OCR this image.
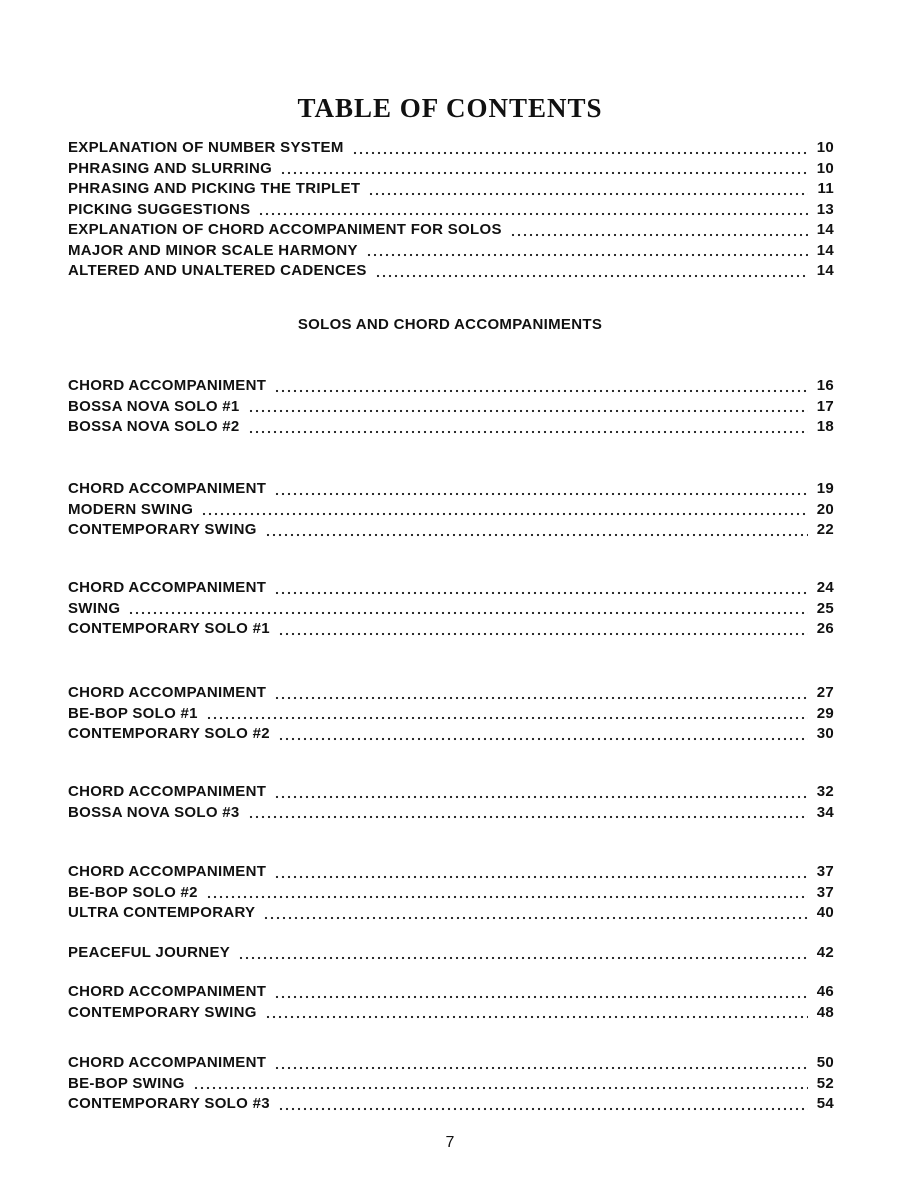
TABLE OF CONTENTS
EXPLANATION OF NUMBER SYSTEM	10
PHRASING AND SLURRING	10
PHRASING AND PICKING THE TRIPLET	11
PICKING SUGGESTIONS	13
EXPLANATION OF CHORD ACCOMPANIMENT FOR SOLOS	14
MAJOR AND MINOR SCALE HARMONY	14
ALTERED AND UNALTERED CADENCES	14
SOLOS AND CHORD ACCOMPANIMENTS
CHORD ACCOMPANIMENT	16
BOSSA NOVA SOLO #1	17
BOSSA NOVA SOLO #2	18
CHORD ACCOMPANIMENT	19
MODERN SWING	20
CONTEMPORARY SWING	22
CHORD ACCOMPANIMENT	24
SWING	25
CONTEMPORARY SOLO #1	26
CHORD ACCOMPANIMENT	27
BE-BOP SOLO #1	29
CONTEMPORARY SOLO #2	30
CHORD ACCOMPANIMENT	32
BOSSA NOVA SOLO #3	34
CHORD ACCOMPANIMENT	37
BE-BOP SOLO #2	37
ULTRA CONTEMPORARY	40
PEACEFUL JOURNEY	42
CHORD ACCOMPANIMENT	46
CONTEMPORARY SWING	48
CHORD ACCOMPANIMENT	50
BE-BOP SWING	52
CONTEMPORARY SOLO #3	54
7
